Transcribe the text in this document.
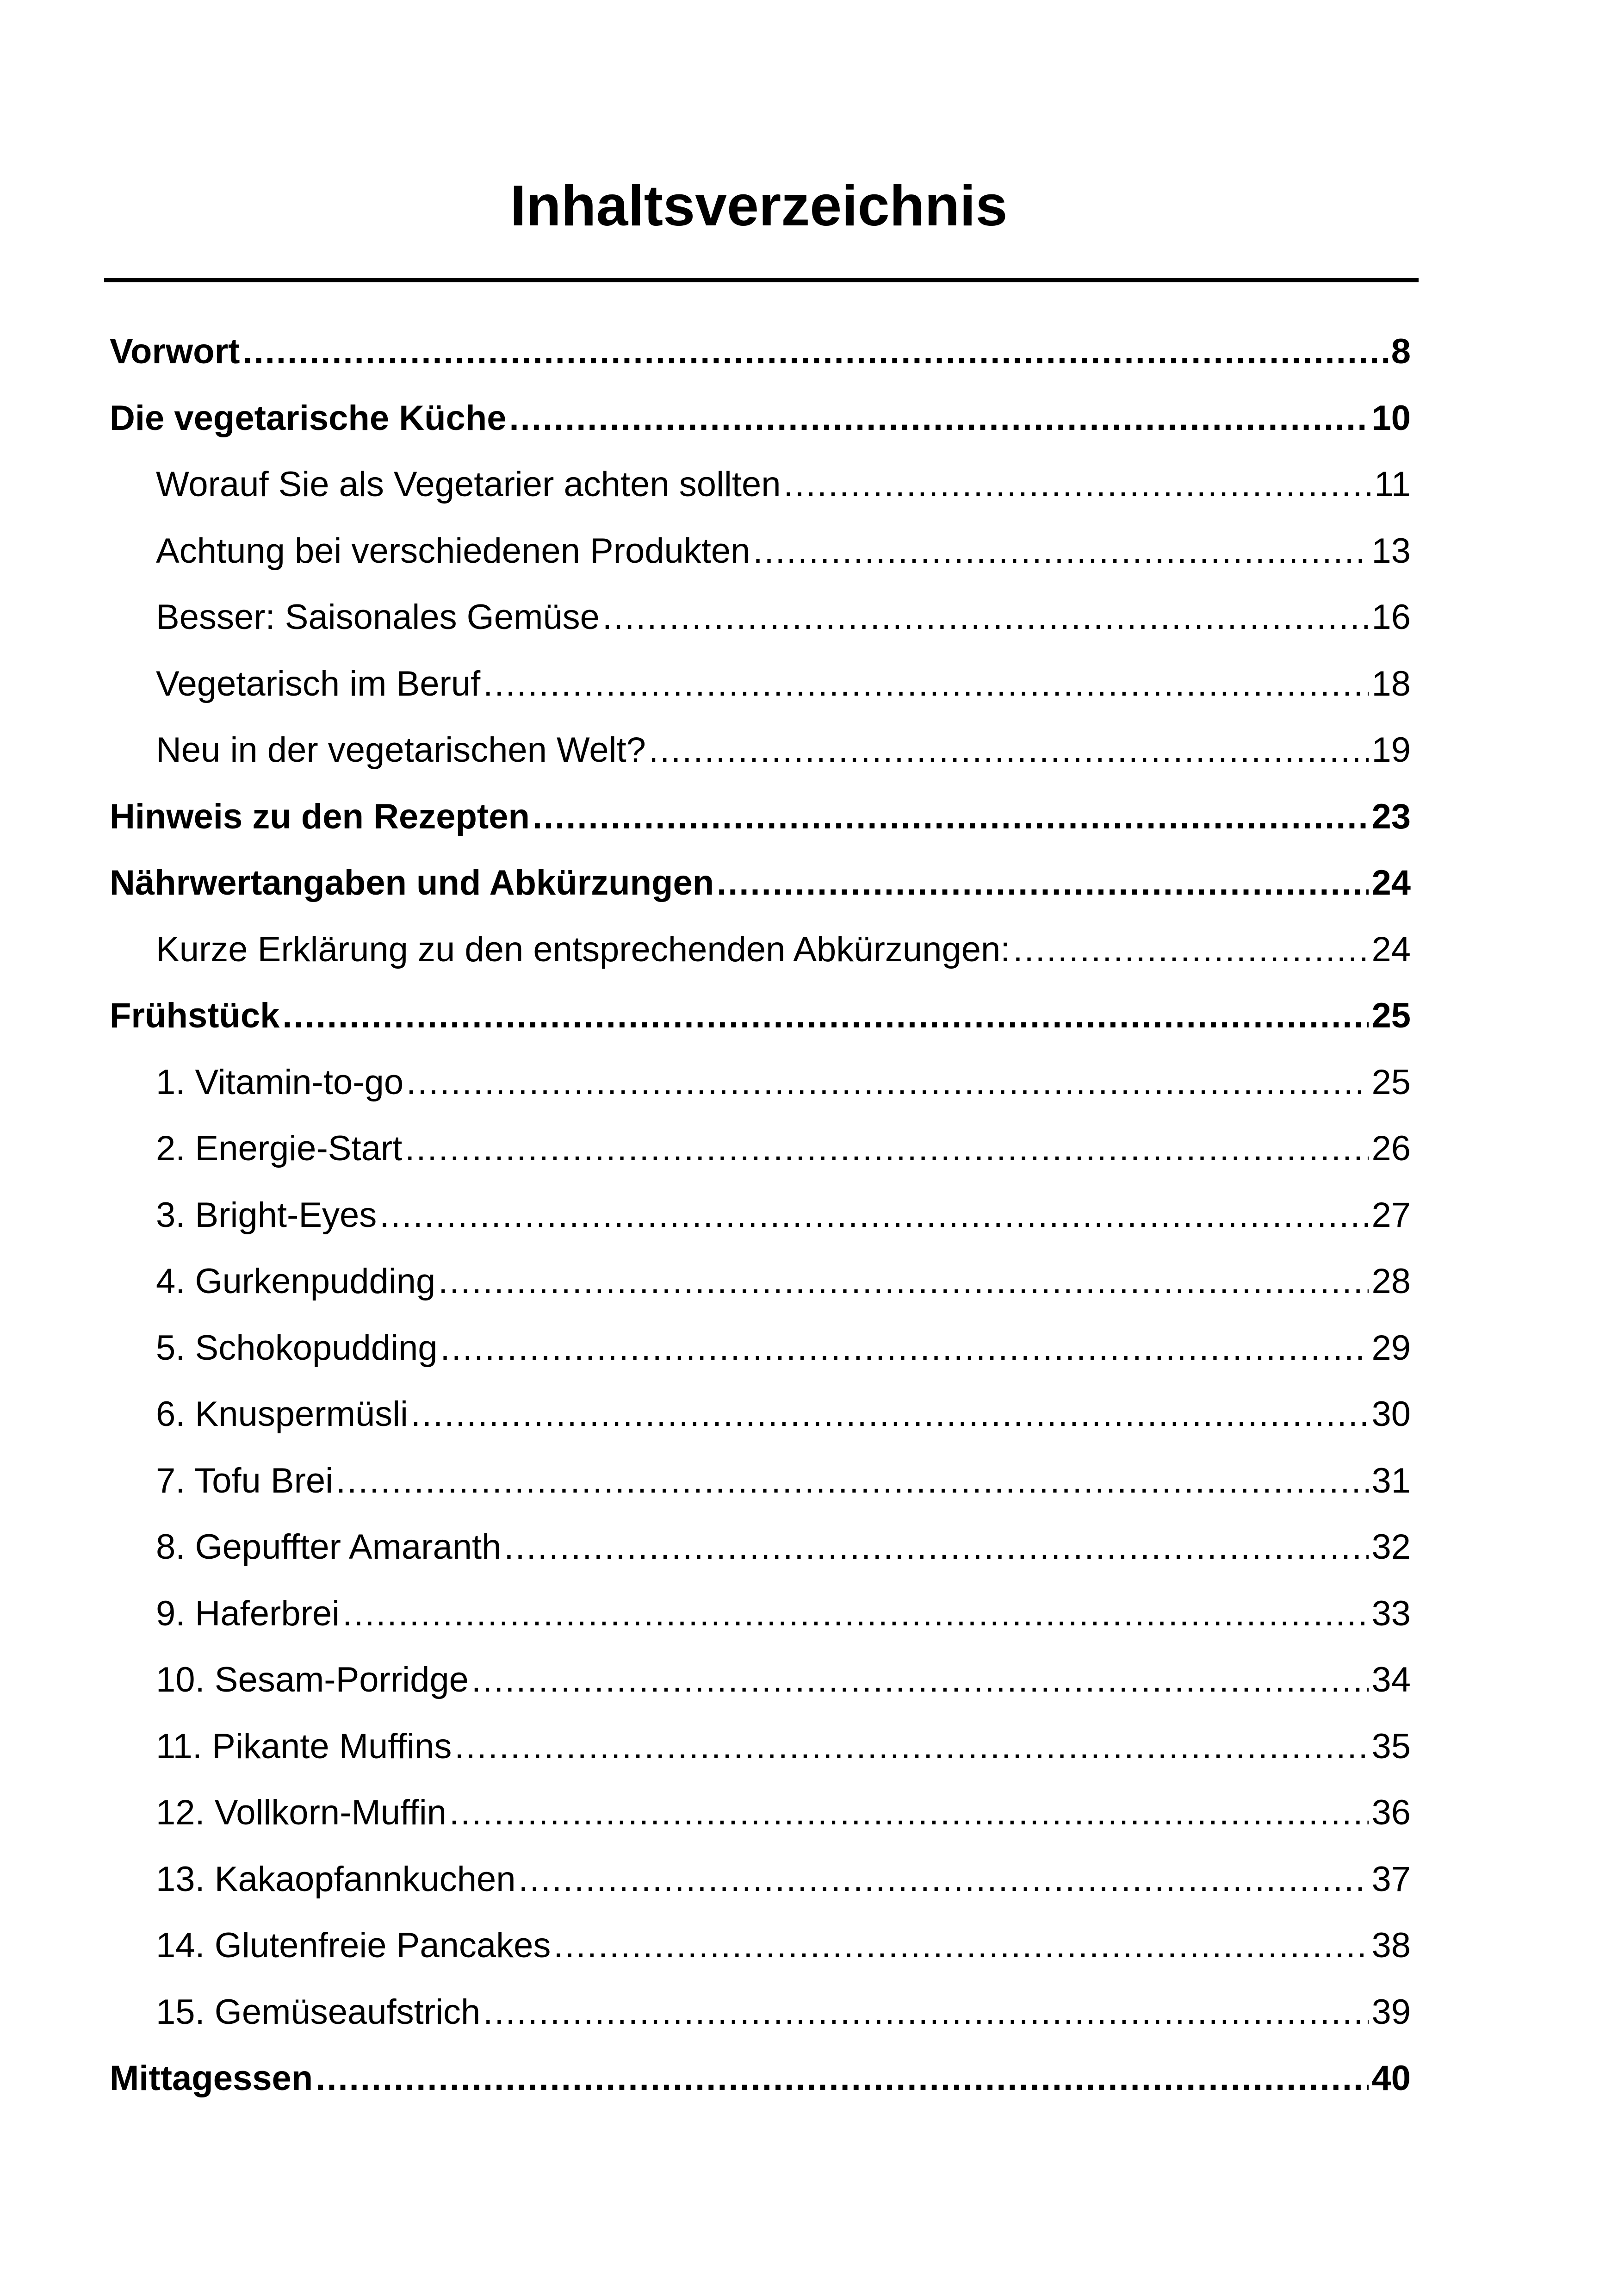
Inhaltsverzeichnis
Vorwort .....	8
Die vegetarische Küche .....	10
Worauf Sie als Vegetarier achten sollten .....	11
Achtung bei verschiedenen Produkten .....	13
Besser: Saisonales Gemüse .....	16
Vegetarisch im Beruf .....	18
Neu in der vegetarischen Welt? .....	19
Hinweis zu den Rezepten .....	23
Nährwertangaben und Abkürzungen .....	24
Kurze Erklärung zu den entsprechenden Abkürzungen: .....	24
Frühstück .....	25
1. Vitamin-to-go .....	25
2. Energie-Start .....	26
3. Bright-Eyes .....	27
4. Gurkenpudding .....	28
5. Schokopudding .....	29
6. Knuspermüsli .....	30
7. Tofu Brei .....	31
8. Gepuffter Amaranth .....	32
9. Haferbrei .....	33
10. Sesam-Porridge .....	34
11. Pikante Muffins .....	35
12. Vollkorn-Muffin .....	36
13. Kakaopfannkuchen .....	37
14. Glutenfreie Pancakes .....	38
15. Gemüseaufstrich .....	39
Mittagessen .....	40
